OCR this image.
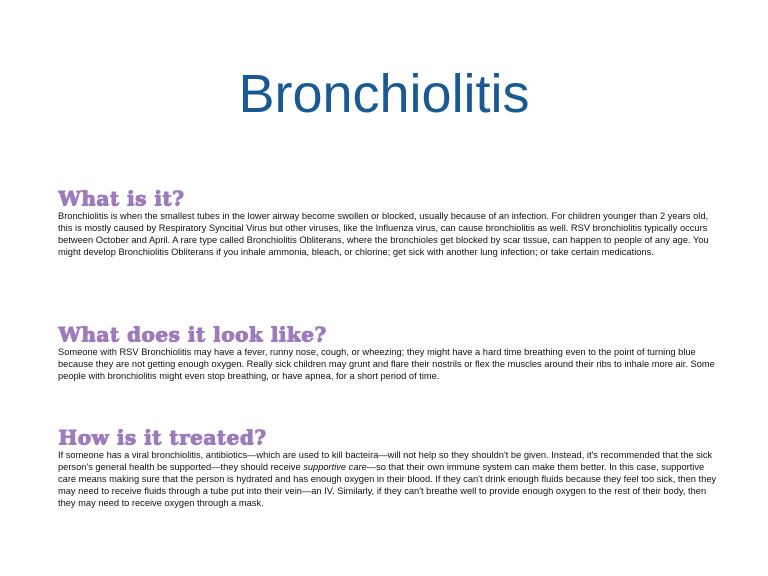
Bronchiolitis
What is it?

Bronchiolitis is when the smallest tubes in the lower airway become swollen or blocked, usually because of an infection. For children younger than 2 years old, this is mostly caused by Respiratory Syncitial Virus but other viruses, like the Influenza virus, can cause bronchiolitis as well. RSV bronchiolitis typically occurs between October and April. A rare type called Bronchiolitis Obliterans, where the bronchioles get blocked by scar tissue, can happen to people of any age. You might develop Bronchiolitis Obliterans if you inhale ammonia, bleach, or chlorine; get sick with another lung infection; or take certain medications.

What does it look like?

Someone with RSV Bronchiolitis may have a fever, runny nose, cough, or wheezing; they might have a hard time breathing even to the point of turning blue because they are not getting enough oxygen. Really sick children may grunt and flare their nostrils or flex the muscles around their ribs to inhale more air. Some people with bronchiolitis might even stop breathing, or have apnea, for a short period of time.

How is it treated?

If someone has a viral bronchiolitis, antibiotics—which are used to kill bacteira—will not help so they shouldn't be given. Instead, it's recommended that the sick person's general health be supported—they should receive supportive care—so that their own immune system can make them better. In this case, supportive care means making sure that the person is hydrated and has enough oxygen in their blood. If they can't drink enough fluids because they feel too sick, then they may need to receive fluids through a tube put into their vein—an IV. Similarly, if they can't breathe well to provide enough oxygen to the rest of their body, then they may need to receive oxygen through a mask.
